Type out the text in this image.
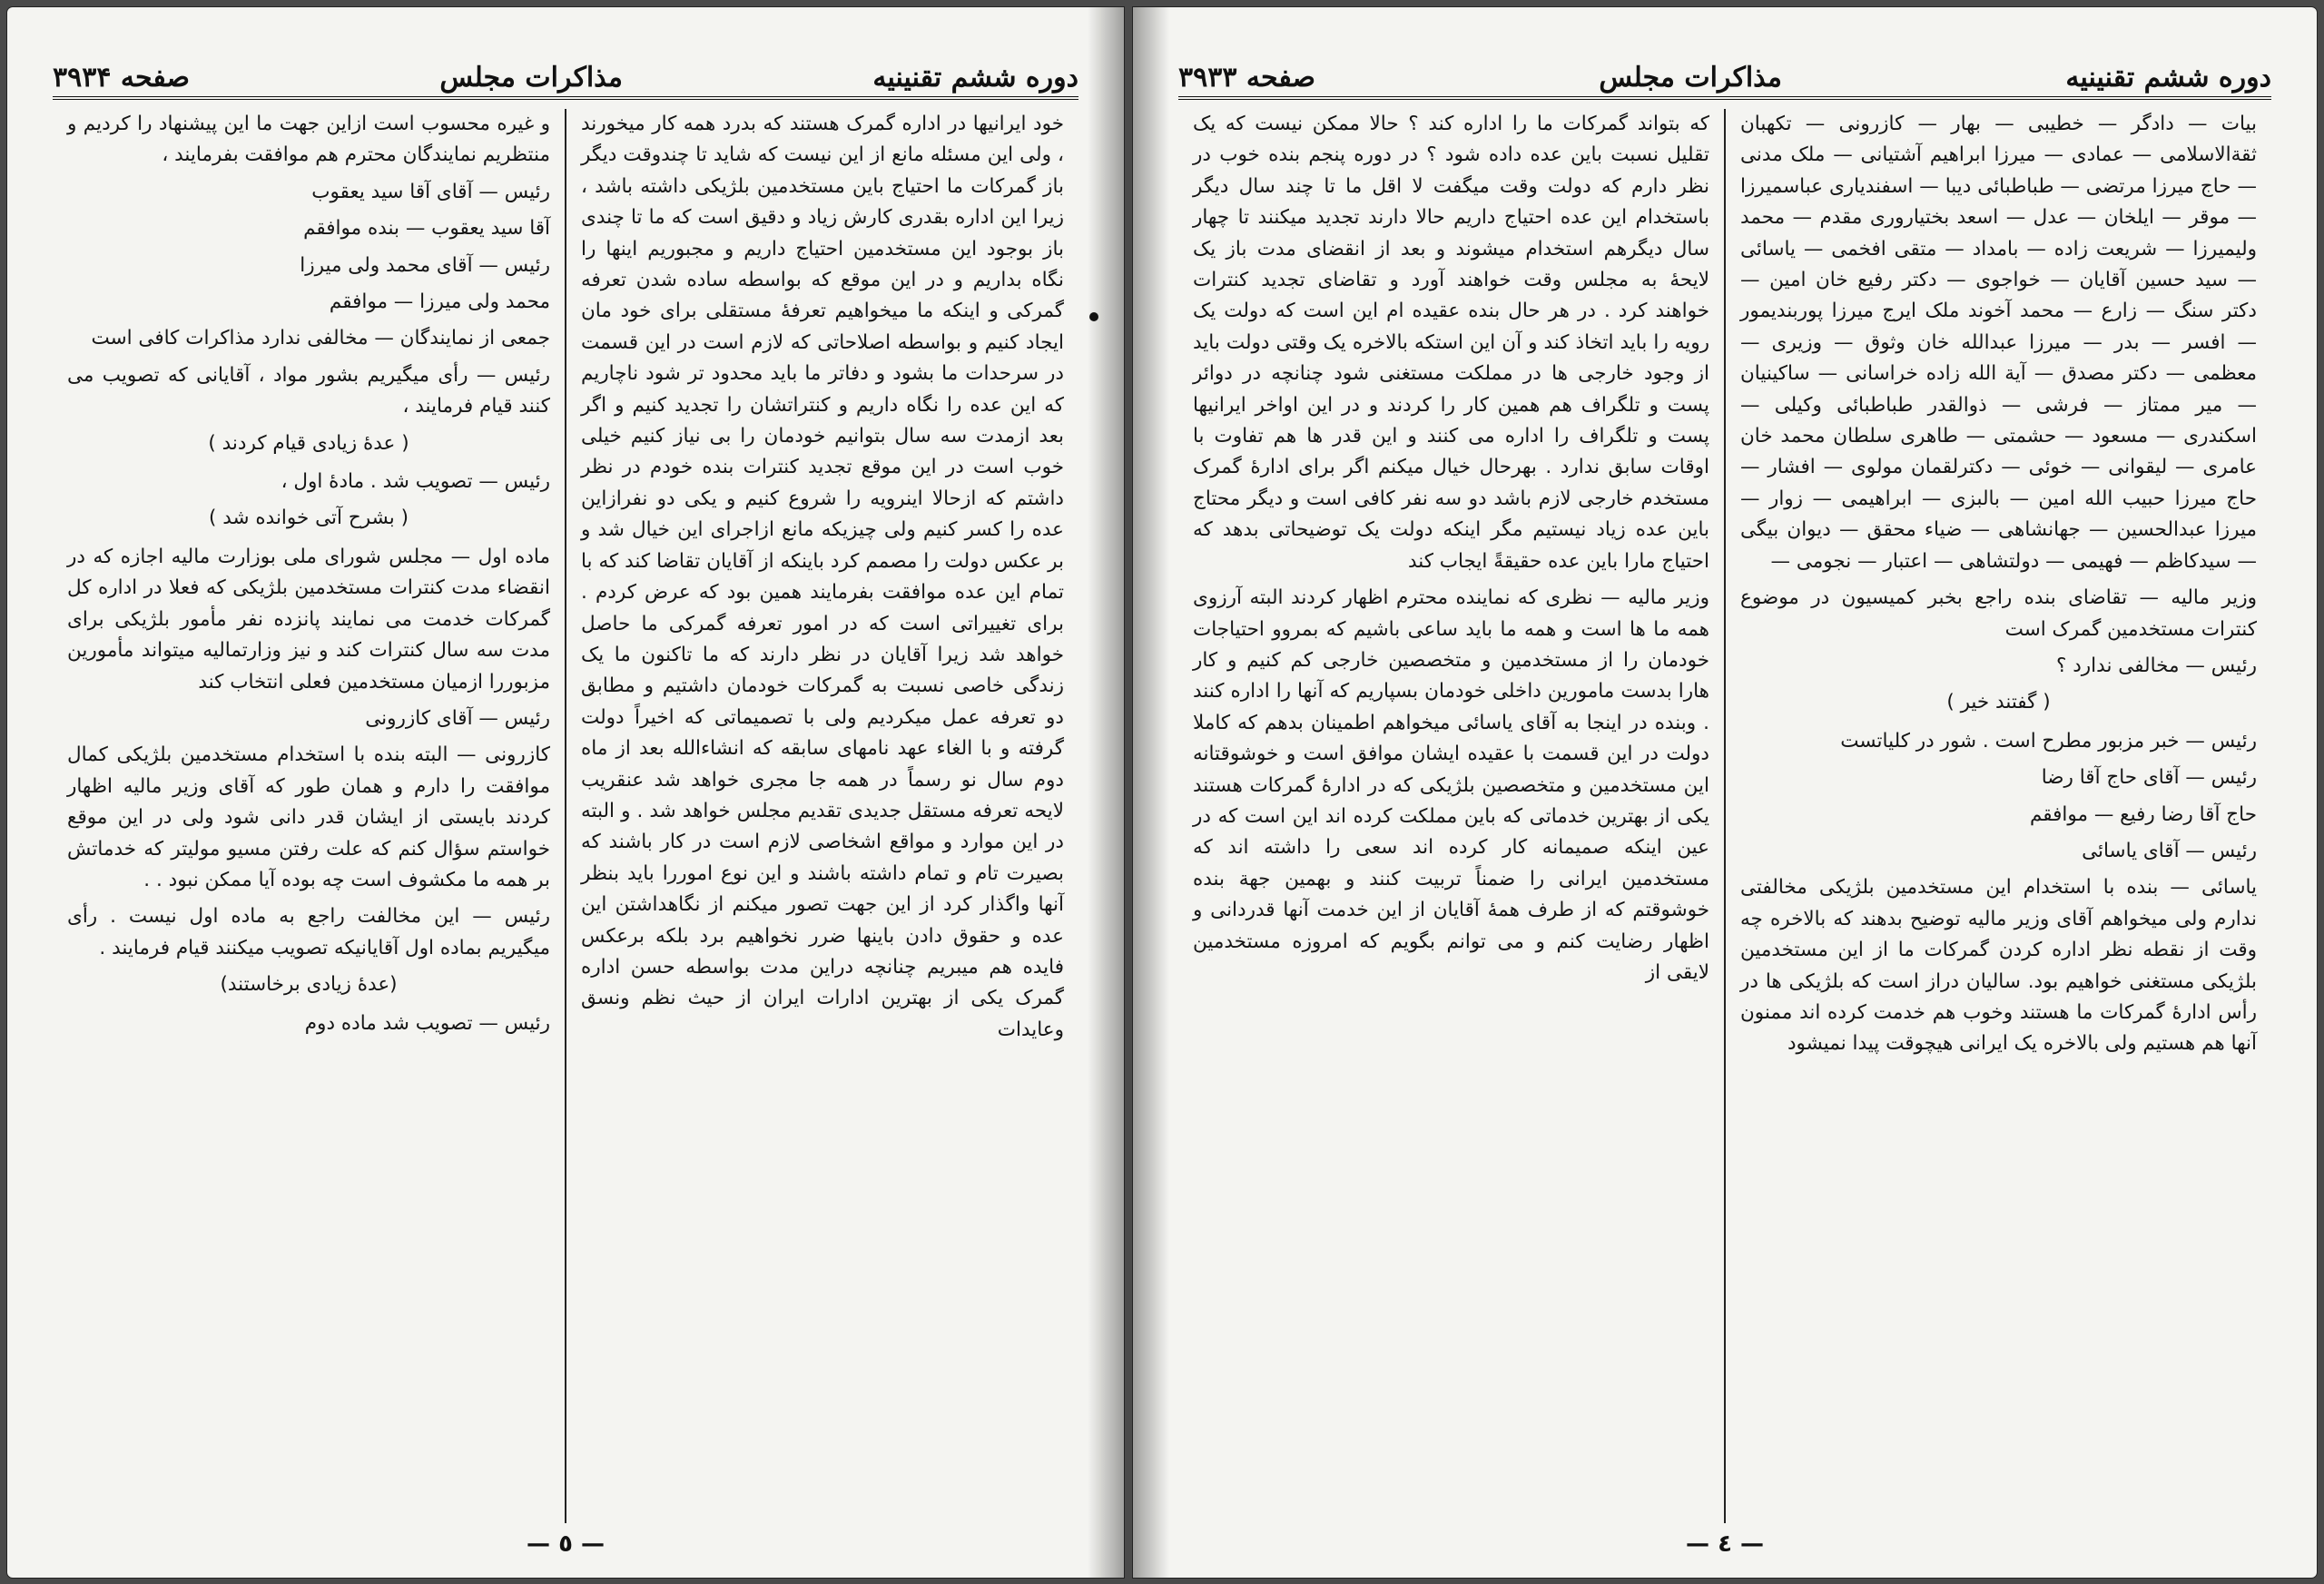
دوره ششم تقنینیه
مذاکرات مجلس
صفحه ۳۹۳۴

خود ایرانیها در اداره گمرک هستند که بدرد همه کار میخورند ، ولی این مسئله مانع از این نیست که شاید تا چندوقت دیگر باز گمرکات ما احتیاج باین مستخدمین بلژیکی داشته باشد ، زیرا این اداره بقدری کارش زیاد و دقیق است که ما تا چندی باز بوجود این مستخدمین احتیاج داریم و مجبوریم اینها را نگاه بداریم و در این موقع که بواسطه ساده شدن تعرفه گمرکی و اینکه ما میخواهیم تعرفهٔ مستقلی برای خود مان ایجاد کنیم و بواسطه اصلاحاتی که لازم است در این قسمت در سرحدات ما بشود و دفاتر ما باید محدود تر شود ناچاریم که این عده را نگاه داریم و کنتراتشان را تجدید کنیم و اگر بعد ازمدت سه سال بتوانیم خودمان را بی نیاز کنیم خیلی خوب است در این موقع تجدید کنترات بنده خودم در نظر داشتم که ازحالا اینرویه را شروع کنیم و یکی دو نفرازاین عده را کسر کنیم ولی چیزیکه مانع ازاجرای این خیال شد و بر عکس دولت را مصمم کرد باینکه از آقایان تقاضا کند که با تمام این عده موافقت بفرمایند همین بود که عرض کردم . برای تغییراتی است که در امور تعرفه گمرکی ما حاصل خواهد شد زیرا آقایان در نظر دارند که ما تاکنون ما یک زندگی خاصی نسبت به گمرکات خودمان داشتیم و مطابق دو تعرفه عمل میکردیم ولی با تصمیماتی که اخیراً دولت گرفته و با الغاء عهد نامهای سابقه که انشاءالله بعد از ماه دوم سال نو رسماً در همه جا مجری خواهد شد عنقریب لایحه تعرفه مستقل جدیدی تقدیم مجلس خواهد شد . و البته در این موارد و مواقع اشخاصی لازم است در کار باشند که بصیرت تام و تمام داشته باشند و این نوع اموررا باید بنظر آنها واگذار کرد از این جهت تصور میکنم از نگاهداشتن این عده و حقوق دادن باینها ضرر نخواهیم برد بلکه برعکس فایده هم میبریم چنانچه دراین مدت بواسطه حسن اداره گمرک یکی از بهترین ادارات ایران از حیث نظم ونسق وعایدات

و غیره محسوب است ازاین جهت ما این پیشنهاد را کردیم و منتظریم نمایندگان محترم هم موافقت بفرمایند ،

رئیس — آقای آقا سید یعقوب

آقا سید یعقوب — بنده موافقم

رئیس — آقای محمد ولی میرزا

محمد ولی میرزا — موافقم

جمعی از نمایندگان — مخالفی ندارد مذاکرات کافی است

رئیس — رأی میگیریم بشور مواد ، آقایانی که تصویب می کنند قیام فرمایند ،

( عدهٔ زیادی قیام کردند )

رئیس — تصویب شد . مادهٔ اول ،

( بشرح آتی خوانده شد )

ماده اول — مجلس شورای ملی بوزارت مالیه اجازه که در انقضاء مدت کنترات مستخدمین بلژیکی که فعلا در اداره کل گمرکات خدمت می نمایند پانزده نفر مأمور بلژیکی برای مدت سه سال کنترات کند و نیز وزارتمالیه میتواند مأمورین مزبوررا ازمیان مستخدمین فعلی انتخاب کند

رئیس — آقای کازرونی

کازرونی — البته بنده با استخدام مستخدمین بلژیکی کمال موافقت را دارم و همان طور که آقای وزیر مالیه اظهار کردند بایستی از ایشان قدر دانی شود ولی در این موقع خواستم سؤال کنم که علت رفتن مسیو مولیتر که خدماتش بر همه ما مکشوف است چه بوده آیا ممکن نبود . .

رئیس — این مخالفت راجع به ماده اول نیست . رأی میگیریم بماده اول آقایانیکه تصویب میکنند قیام فرمایند .

(عدهٔ زیادی برخاستند)

رئیس — تصویب شد ماده دوم

— ٥ —
دوره ششم تقنینیه
مذاکرات مجلس
صفحه ۳۹۳۳

بیات — دادگر — خطیبی — بهار — کازرونی — تکهبان ثقةالاسلامی — عمادی — میرزا ابراهیم آشتیانی — ملک مدنی — حاج میرزا مرتضی — طباطبائی دیبا — اسفندیاری عباسمیرزا — موقر — ایلخان — عدل — اسعد بختیاروری مقدم — محمد ولیمیرزا — شریعت زاده — بامداد — متقی افخمی — یاسائی — سید حسین آقایان — خواجوی — دکتر رفیع خان امین — دکتر سنگ — زارع — محمد آخوند ملک ایرج میرزا پوربندیمور — افسر — بدر — میرزا عبدالله خان وثوق — وزیری — معظمی — دکتر مصدق — آیة الله زاده خراسانی — ساکینیان — میر ممتاز — فرشی — ذوالقدر طباطبائی وکیلی — اسکندری — مسعود — حشمتی — طاهری سلطان محمد خان عامری — لیقوانی — خوئی — دکترلقمان مولوی — افشار — حاج میرزا حبیب الله امین — بالبزی — ابراهیمی — زوار — میرزا عبدالحسین — جهانشاهی — ضیاء محقق — دیوان بیگی — سیدکاظم — فهیمی — دولتشاهی — اعتبار — نجومی —

وزیر مالیه — تقاضای بنده راجع بخبر کمیسیون در موضوع کنترات مستخدمین گمرک است

رئیس — مخالفی ندارد ؟

( گفتند خیر )

رئیس — خبر مزبور مطرح است . شور در کلیاتست

رئیس — آقای حاج آقا رضا

حاج آقا رضا رفیع — موافقم

رئیس — آقای یاسائی

یاسائی — بنده با استخدام این مستخدمین بلژیکی مخالفتی ندارم ولی میخواهم آقای وزیر مالیه توضیح بدهند که بالاخره چه وقت از نقطه نظر اداره کردن گمرکات ما از این مستخدمین بلژیکی مستغنی خواهیم بود. سالیان دراز است که بلژیکی ها در رأس ادارهٔ گمرکات ما هستند وخوب هم خدمت کرده اند ممنون آنها هم هستیم ولی بالاخره یک ایرانی هیچوقت پیدا نمیشود

که بتواند گمرکات ما را اداره کند ؟ حالا ممکن نیست که یک تقلیل نسبت باین عده داده شود ؟ در دوره پنجم بنده خوب در نظر دارم که دولت وقت میگفت لا اقل ما تا چند سال دیگر باستخدام این عده احتیاج داریم حالا دارند تجدید میکنند تا چهار سال دیگرهم استخدام میشوند و بعد از انقضای مدت باز یک لایحهٔ به مجلس وقت خواهند آورد و تقاضای تجدید کنترات خواهند کرد . در هر حال بنده عقیده ام این است که دولت یک رویه را باید اتخاذ کند و آن این استکه بالاخره یک وقتی دولت باید از وجود خارجی ها در مملکت مستغنی شود چنانچه در دوائر پست و تلگراف هم همین کار را کردند و در این اواخر ایرانیها پست و تلگراف را اداره می کنند و این قدر ها هم تفاوت با اوقات سابق ندارد . بهرحال خیال میکنم اگر برای ادارهٔ گمرک مستخدم خارجی لازم باشد دو سه نفر کافی است و دیگر محتاج باین عده زیاد نیستیم مگر اینکه دولت یک توضیحاتی بدهد که احتیاج مارا باین عده حقیقةً ایجاب کند

وزیر مالیه — نظری که نماینده محترم اظهار کردند البته آرزوی همه ما ها است و همه ما باید ساعی باشیم که بمروو احتیاجات خودمان را از مستخدمین و متخصصین خارجی کم کنیم و کار هارا بدست مامورین داخلی خودمان بسپاریم که آنها را اداره کنند . وبنده در اینجا به آقای یاسائی میخواهم اطمینان بدهم که کاملا دولت در این قسمت با عقیده ایشان موافق است و خوشوقتانه این مستخدمین و متخصصین بلژیکی که در ادارهٔ گمرکات هستند یکی از بهترین خدماتی که باین مملکت کرده اند این است که در عین اینکه صمیمانه کار کرده اند سعی را داشته اند که مستخدمین ایرانی را ضمناً تربیت کنند و بهمین جهة بنده خوشوقتم که از طرف همهٔ آقایان از این خدمت آنها قدردانی و اظهار رضایت کنم و می توانم بگویم که امروزه مستخدمین لایقی از

— ٤ —
